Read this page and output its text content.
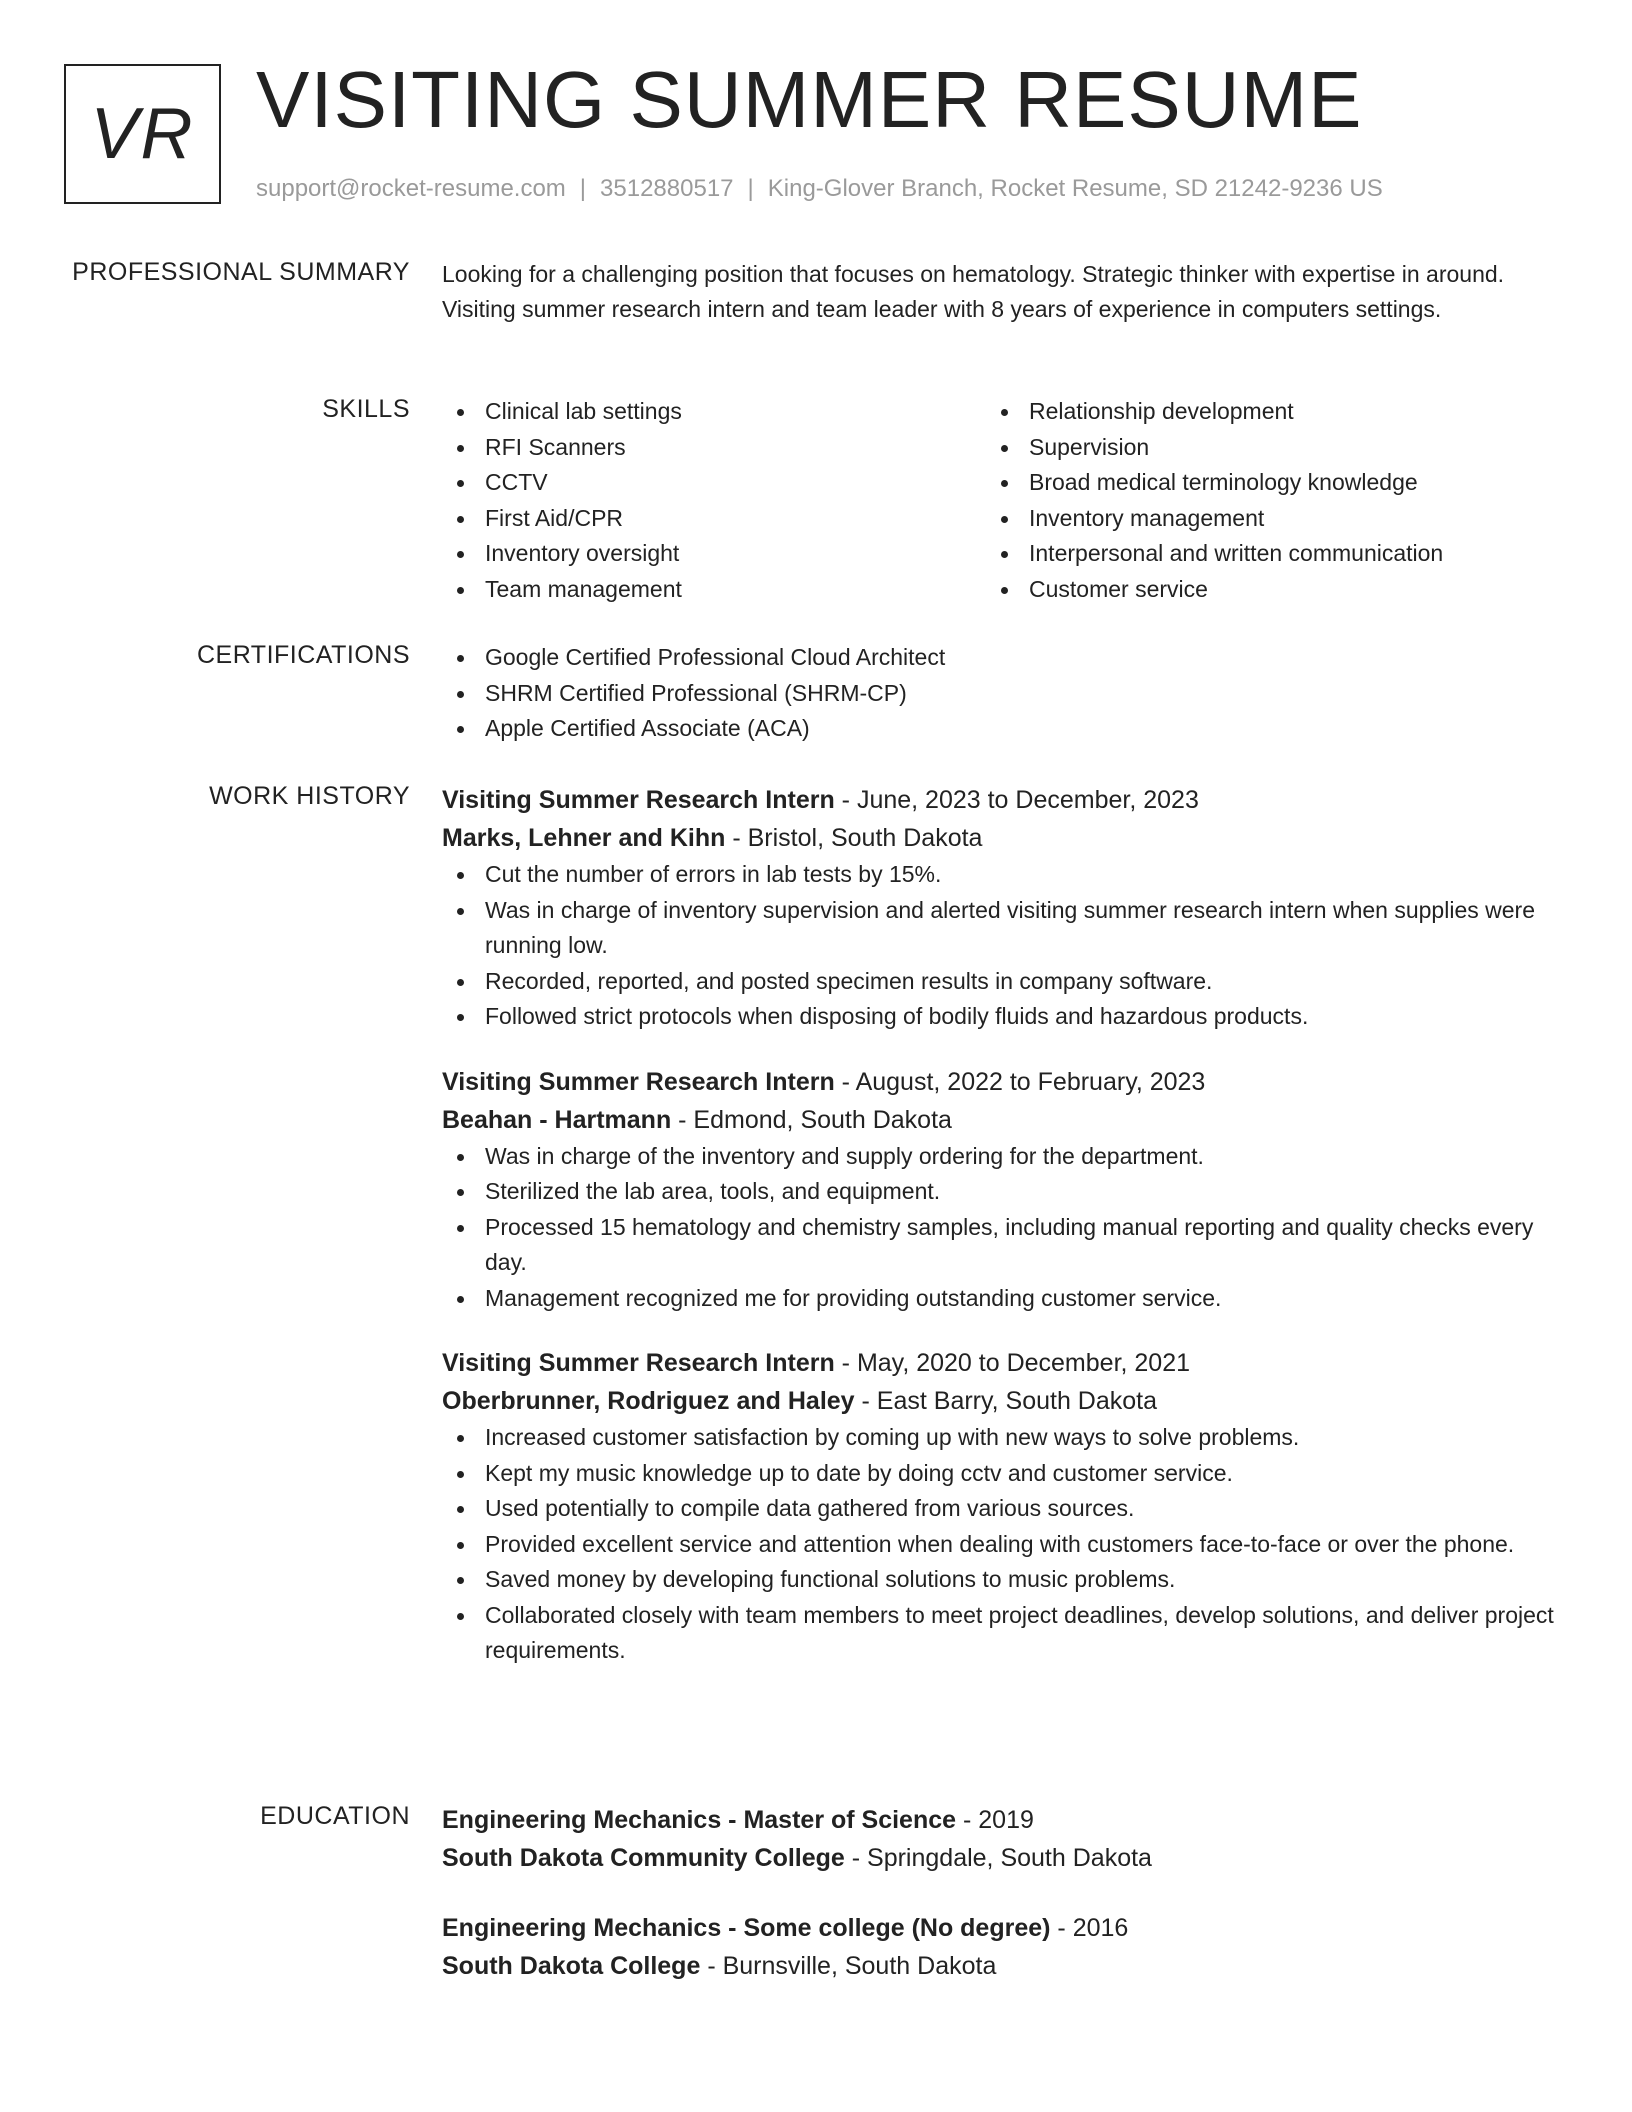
VR VISITING SUMMER RESUME
support@rocket-resume.com | 3512880517 | King-Glover Branch, Rocket Resume, SD 21242-9236 US
PROFESSIONAL SUMMARY Looking for a challenging position that focuses on hematology. Strategic thinker with expertise in around. Visiting summer research intern and team leader with 8 years of experience in computers settings.

SKILLS	Clinical lab settings
RFI Scanners
CCTV
First Aid/CPR
Inventory oversight
Team management
Relationship development
Supervision
Broad medical terminology knowledge
Inventory management
Interpersonal and written communication
Customer service
CERTIFICATIONS	Google Certified Professional Cloud Architect
SHRM Certified Professional (SHRM-CP)
Apple Certified Associate (ACA)
WORK HISTORY Visiting Summer Research Intern - June, 2023 to December, 2023
Marks, Lehner and Kihn - Bristol, South Dakota
Cut the number of errors in lab tests by 15%.
Was in charge of inventory supervision and alerted visiting summer research intern when supplies were running low.
Recorded, reported, and posted specimen results in company software.
Followed strict protocols when disposing of bodily fluids and hazardous products.
Visiting Summer Research Intern - August, 2022 to February, 2023
Beahan - Hartmann - Edmond, South Dakota
Was in charge of the inventory and supply ordering for the department.
Sterilized the lab area, tools, and equipment.
Processed 15 hematology and chemistry samples, including manual reporting and quality checks every day.
Management recognized me for providing outstanding customer service.
Visiting Summer Research Intern - May, 2020 to December, 2021
Oberbrunner, Rodriguez and Haley - East Barry, South Dakota
Increased customer satisfaction by coming up with new ways to solve problems.
Kept my music knowledge up to date by doing cctv and customer service.
Used potentially to compile data gathered from various sources.
Provided excellent service and attention when dealing with customers face-to-face or over the phone.
Saved money by developing functional solutions to music problems.
Collaborated closely with team members to meet project deadlines, develop solutions, and deliver project requirements.
EDUCATION Engineering Mechanics - Master of Science - 2019
South Dakota Community College - Springdale, South Dakota
Engineering Mechanics - Some college (No degree) - 2016
South Dakota College - Burnsville, South Dakota
